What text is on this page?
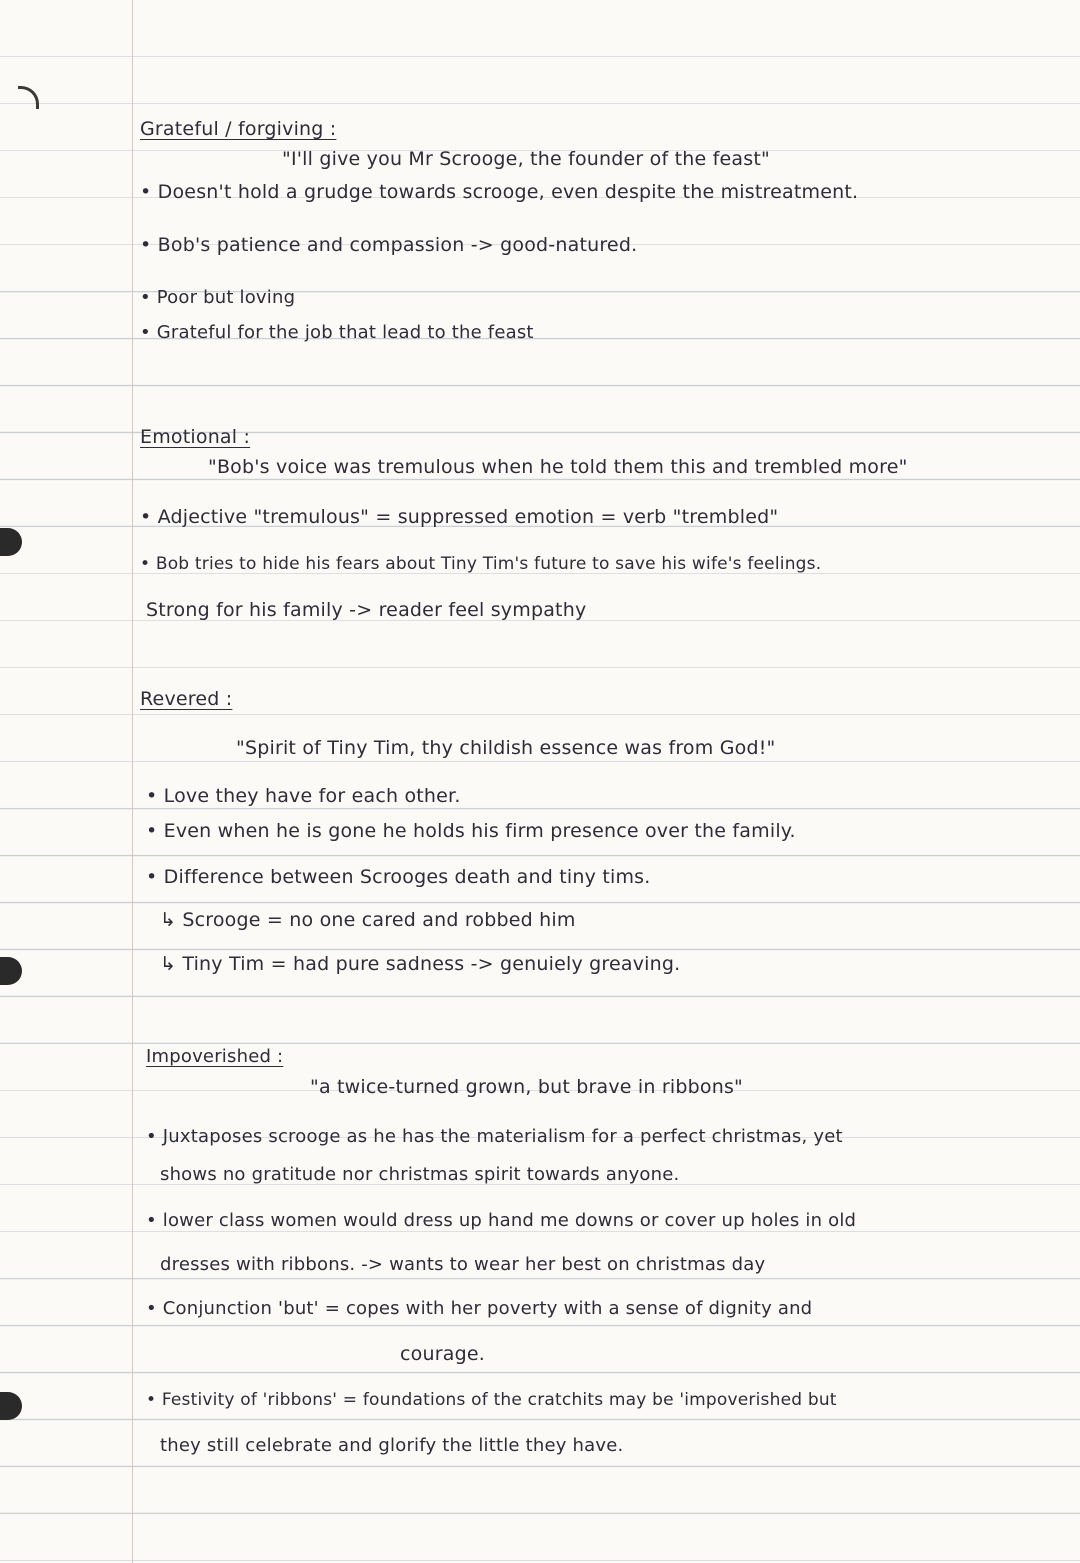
Grateful / forgiving :
"I'll give you Mr Scrooge, the founder of the feast"
• Doesn't hold a grudge towards scrooge, even despite the mistreatment.
• Bob's patience and compassion -> good-natured.
• Poor but loving
• Grateful for the job that lead to the feast
Emotional :
"Bob's voice was tremulous when he told them this and trembled more"
• Adjective "tremulous" = suppressed emotion = verb "trembled"
• Bob tries to hide his fears about Tiny Tim's future to save his wife's feelings.
Strong for his family -> reader feel sympathy
Revered :
"Spirit of Tiny Tim, thy childish essence was from God!"
• Love they have for each other.
• Even when he is gone he holds his firm presence over the family.
• Difference between Scrooges death and tiny tims.
↳ Scrooge = no one cared and robbed him
↳ Tiny Tim = had pure sadness -> genuiely greaving.
Impoverished :
"a twice-turned grown, but brave in ribbons"
• Juxtaposes scrooge as he has the materialism for a perfect christmas, yet
shows no gratitude nor christmas spirit towards anyone.
• lower class women would dress up hand me downs or cover up holes in old
dresses with ribbons. -> wants to wear her best on christmas day
• Conjunction 'but' = copes with her poverty with a sense of dignity and
courage.
• Festivity of 'ribbons' = foundations of the cratchits may be 'impoverished but
they still celebrate and glorify the little they have.
